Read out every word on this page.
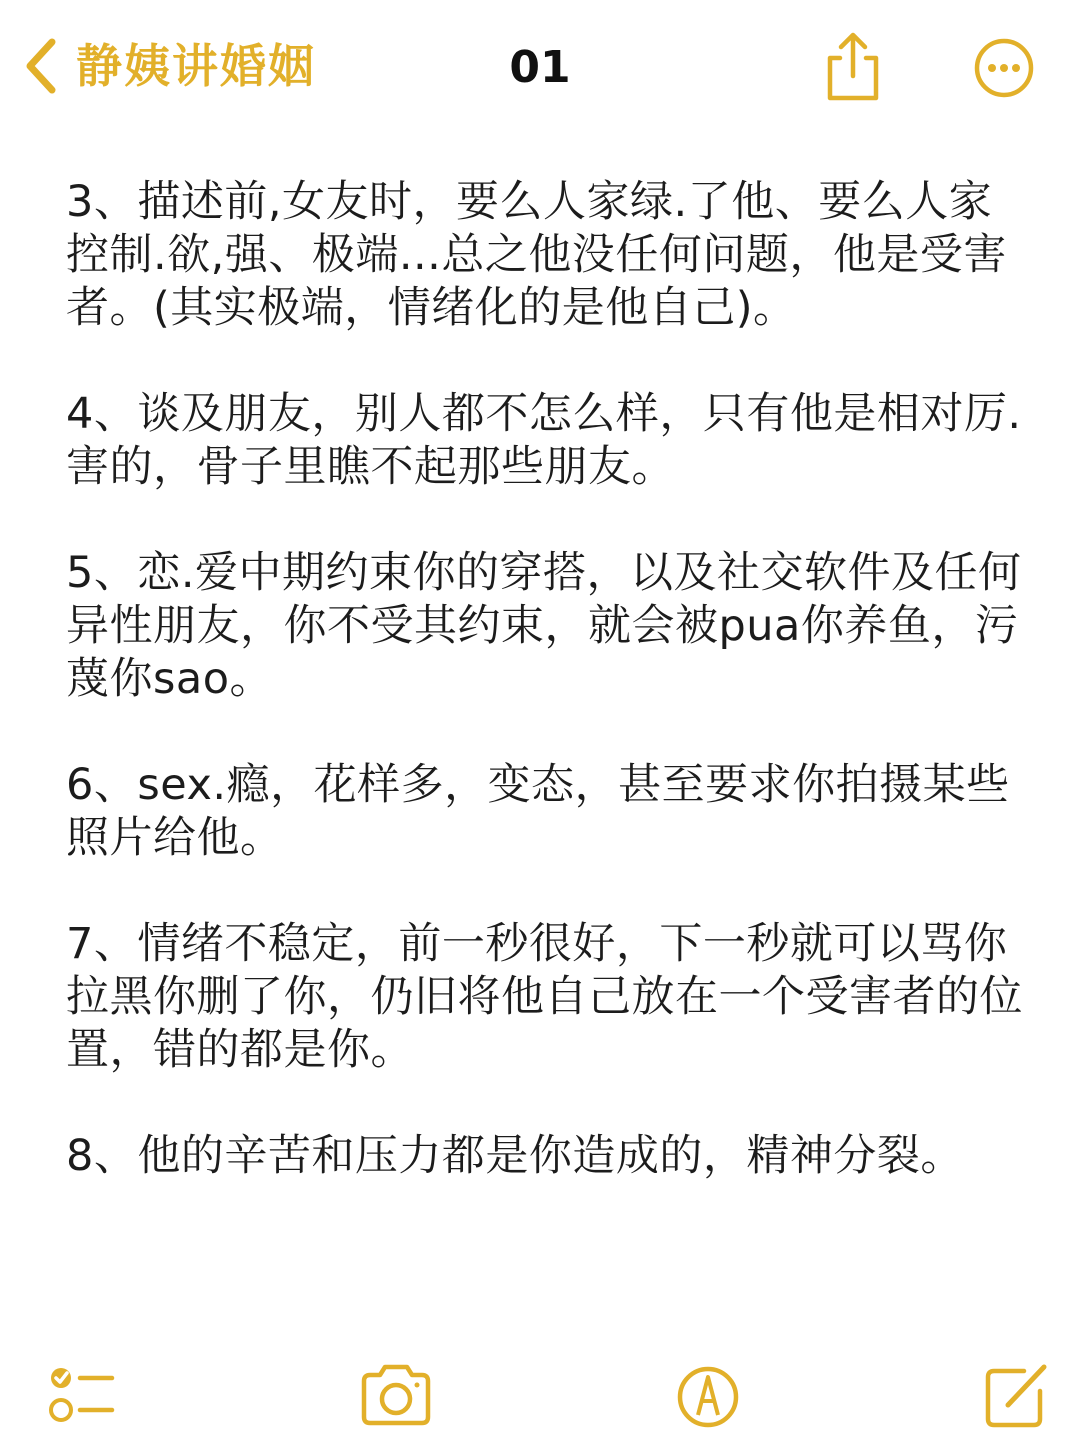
静姨讲婚姻	01

3、描述前,女友时，要么人家绿.了他、要么人家控制.欲,强、极端...总之他没任何问题，他是受害者。(其实极端，情绪化的是他自己)。

4、谈及朋友，别人都不怎么样，只有他是相对厉.害的，骨子里瞧不起那些朋友。

5、恋.爱中期约束你的穿搭，以及社交软件及任何异性朋友，你不受其约束，就会被pua你养鱼，污蔑你sao。

6、sex.瘾，花样多，变态，甚至要求你拍摄某些照片给他。

7、情绪不稳定，前一秒很好，下一秒就可以骂你拉黑你删了你，仍旧将他自己放在一个受害者的位置，错的都是你。

8、他的辛苦和压力都是你造成的，精神分裂。
